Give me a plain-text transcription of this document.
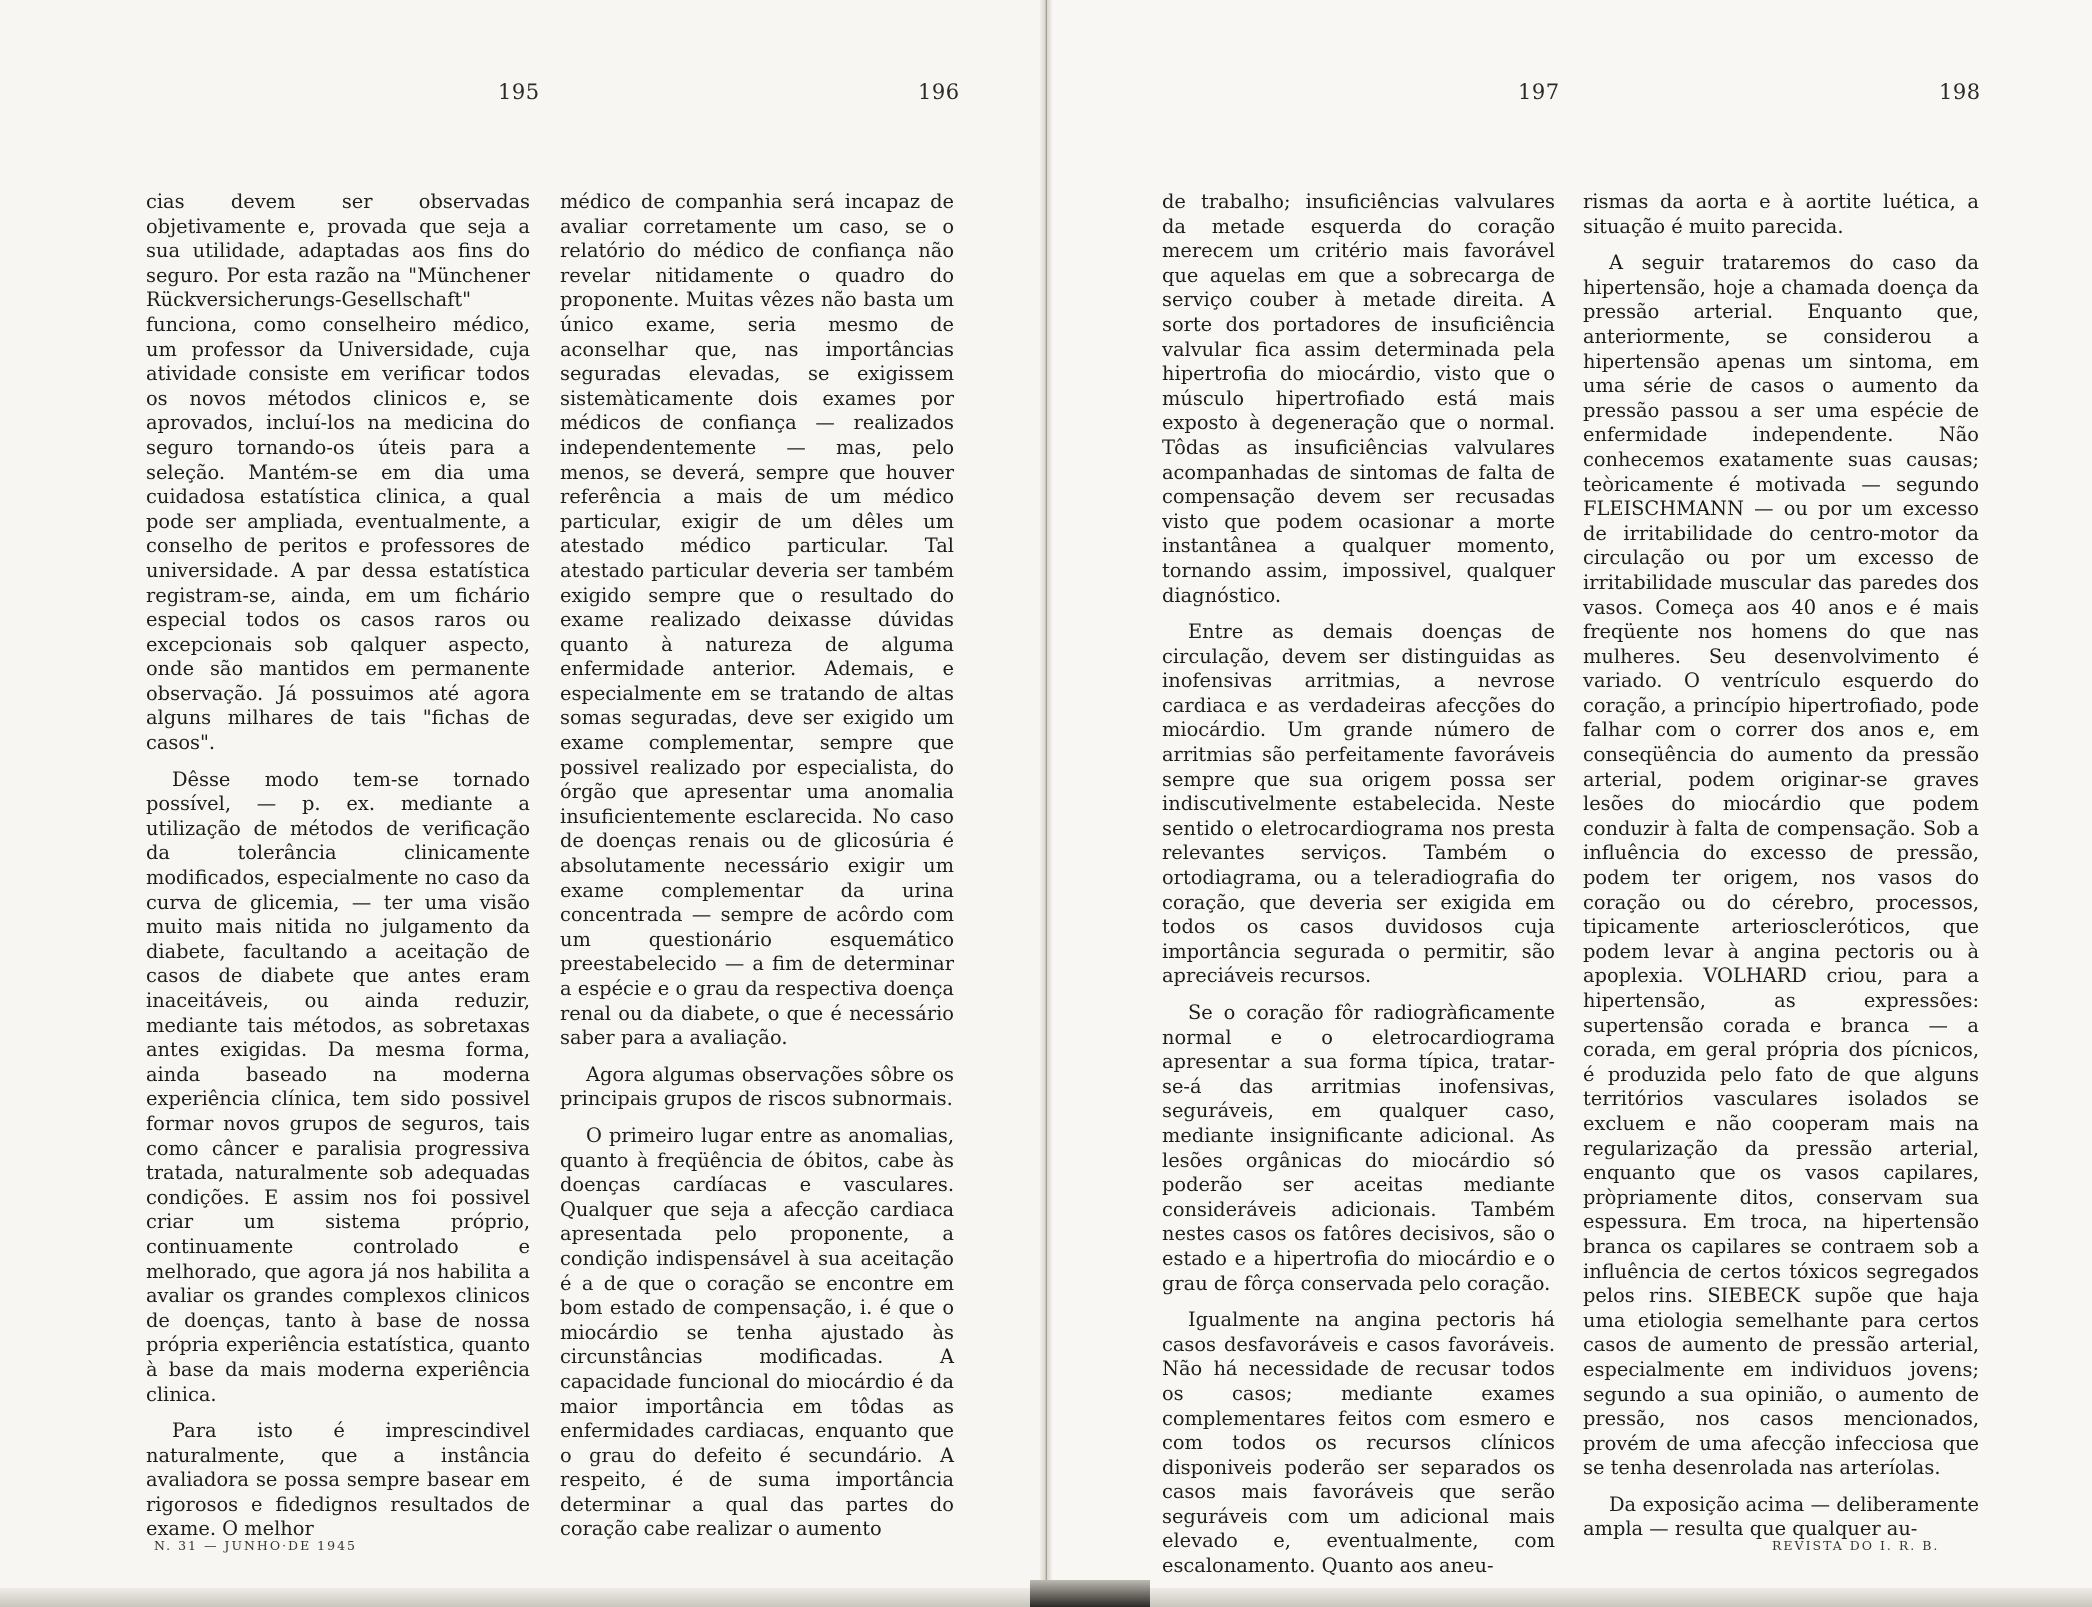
195	196	197	198

cias devem ser observadas objetivamente e, provada que seja a sua utilidade, adaptadas aos fins do seguro. Por esta razão na "Münchener Rückversicherungs-Gesellschaft" funciona, como conselheiro médico, um professor da Universidade, cuja atividade consiste em verificar todos os novos métodos clinicos e, se aprovados, incluí-los na medicina do seguro tornando-os úteis para a seleção. Mantém-se em dia uma cuidadosa estatística clinica, a qual pode ser ampliada, eventualmente, a conselho de peritos e professores de universidade. A par dessa estatística registram-se, ainda, em um fichário especial todos os casos raros ou excepcionais sob qalquer aspecto, onde são mantidos em permanente observação. Já possuimos até agora alguns milhares de tais "fichas de casos".

Dêsse modo tem-se tornado possível, — p. ex. mediante a utilização de métodos de verificação da tolerância clinicamente modificados, especialmente no caso da curva de glicemia, — ter uma visão muito mais nitida no julgamento da diabete, facultando a aceitação de casos de diabete que antes eram inaceitáveis, ou ainda reduzir, mediante tais métodos, as sobretaxas antes exigidas. Da mesma forma, ainda baseado na moderna experiência clínica, tem sido possivel formar novos grupos de seguros, tais como câncer e paralisia progressiva tratada, naturalmente sob adequadas condições. E assim nos foi possivel criar um sistema próprio, continuamente controlado e melhorado, que agora já nos habilita a avaliar os grandes complexos clinicos de doenças, tanto à base de nossa própria experiência estatística, quanto à base da mais moderna experiência clinica.

Para isto é imprescindivel naturalmente, que a instância avaliadora se possa sempre basear em rigorosos e fidedignos resultados de exame. O melhor

médico de companhia será incapaz de avaliar corretamente um caso, se o relatório do médico de confiança não revelar nitidamente o quadro do proponente. Muitas vêzes não basta um único exame, seria mesmo de aconselhar que, nas importâncias seguradas elevadas, se exigissem sistemàticamente dois exames por médicos de confiança — realizados independentemente — mas, pelo menos, se deverá, sempre que houver referência a mais de um médico particular, exigir de um dêles um atestado médico particular. Tal atestado particular deveria ser também exigido sempre que o resultado do exame realizado deixasse dúvidas quanto à natureza de alguma enfermidade anterior. Ademais, e especialmente em se tratando de altas somas seguradas, deve ser exigido um exame complementar, sempre que possivel realizado por especialista, do órgão que apresentar uma anomalia insuficientemente esclarecida. No caso de doenças renais ou de glicosúria é absolutamente necessário exigir um exame complementar da urina concentrada — sempre de acôrdo com um questionário esquemático preestabelecido — a fim de determinar a espécie e o grau da respectiva doença renal ou da diabete, o que é necessário saber para a avaliação.

Agora algumas observações sôbre os principais grupos de riscos subnormais.

O primeiro lugar entre as anomalias, quanto à freqüência de óbitos, cabe às doenças cardíacas e vasculares. Qualquer que seja a afecção cardiaca apresentada pelo proponente, a condição indispensável à sua aceitação é a de que o coração se encontre em bom estado de compensação, i. é que o miocárdio se tenha ajustado às circunstâncias modificadas. A capacidade funcional do miocárdio é da maior importância em tôdas as enfermidades cardiacas, enquanto que o grau do defeito é secundário. A respeito, é de suma importância determinar a qual das partes do coração cabe realizar o aumento

de trabalho; insuficiências valvulares da metade esquerda do coração merecem um critério mais favorável que aquelas em que a sobrecarga de serviço couber à metade direita. A sorte dos portadores de insuficiência valvular fica assim determinada pela hipertrofia do miocárdio, visto que o músculo hipertrofiado está mais exposto à degeneração que o normal. Tôdas as insuficiências valvulares acompanhadas de sintomas de falta de compensação devem ser recusadas visto que podem ocasionar a morte instantânea a qualquer momento, tornando assim, impossivel, qualquer diagnóstico.

Entre as demais doenças de circulação, devem ser distinguidas as inofensivas arritmias, a nevrose cardiaca e as verdadeiras afecções do miocárdio. Um grande número de arritmias são perfeitamente favoráveis sempre que sua origem possa ser indiscutivelmente estabelecida. Neste sentido o eletrocardiograma nos presta relevantes serviços. Também o ortodiagrama, ou a teleradiografia do coração, que deveria ser exigida em todos os casos duvidosos cuja importância segurada o permitir, são apreciáveis recursos.

Se o coração fôr radiogràficamente normal e o eletrocardiograma apresentar a sua forma típica, tratar-se-á das arritmias inofensivas, seguráveis, em qualquer caso, mediante insignificante adicional. As lesões orgânicas do miocárdio só poderão ser aceitas mediante consideráveis adicionais. Também nestes casos os fatôres decisivos, são o estado e a hipertrofia do miocárdio e o grau de fôrça conservada pelo coração.

Igualmente na angina pectoris há casos desfavoráveis e casos favoráveis. Não há necessidade de recusar todos os casos; mediante exames complementares feitos com esmero e com todos os recursos clínicos disponiveis poderão ser separados os casos mais favoráveis que serão seguráveis com um adicional mais elevado e, eventualmente, com escalonamento. Quanto aos aneu-

rismas da aorta e à aortite luética, a situação é muito parecida.

A seguir trataremos do caso da hipertensão, hoje a chamada doença da pressão arterial. Enquanto que, anteriormente, se considerou a hipertensão apenas um sintoma, em uma série de casos o aumento da pressão passou a ser uma espécie de enfermidade independente. Não conhecemos exatamente suas causas; teòricamente é motivada — segundo FLEISCHMANN — ou por um excesso de irritabilidade do centro-motor da circulação ou por um excesso de irritabilidade muscular das paredes dos vasos. Começa aos 40 anos e é mais freqüente nos homens do que nas mulheres. Seu desenvolvimento é variado. O ventrículo esquerdo do coração, a princípio hipertrofiado, pode falhar com o correr dos anos e, em conseqüência do aumento da pressão arterial, podem originar-se graves lesões do miocárdio que podem conduzir à falta de compensação. Sob a influência do excesso de pressão, podem ter origem, nos vasos do coração ou do cérebro, processos, tipicamente arterioscleróticos, que podem levar à angina pectoris ou à apoplexia. VOLHARD criou, para a hipertensão, as expressões: supertensão corada e branca — a corada, em geral própria dos pícnicos, é produzida pelo fato de que alguns territórios vasculares isolados se excluem e não cooperam mais na regularização da pressão arterial, enquanto que os vasos capilares, pròpriamente ditos, conservam sua espessura. Em troca, na hipertensão branca os capilares se contraem sob a influência de certos tóxicos segregados pelos rins. SIEBECK supõe que haja uma etiologia semelhante para certos casos de aumento de pressão arterial, especialmente em individuos jovens; segundo a sua opinião, o aumento de pressão, nos casos mencionados, provém de uma afecção infecciosa que se tenha desenrolada nas arteríolas.

Da exposição acima — deliberamente ampla — resulta que qualquer au-

N. 31 — JUNHO·DE 1945	REVISTA DO I. R. B.
